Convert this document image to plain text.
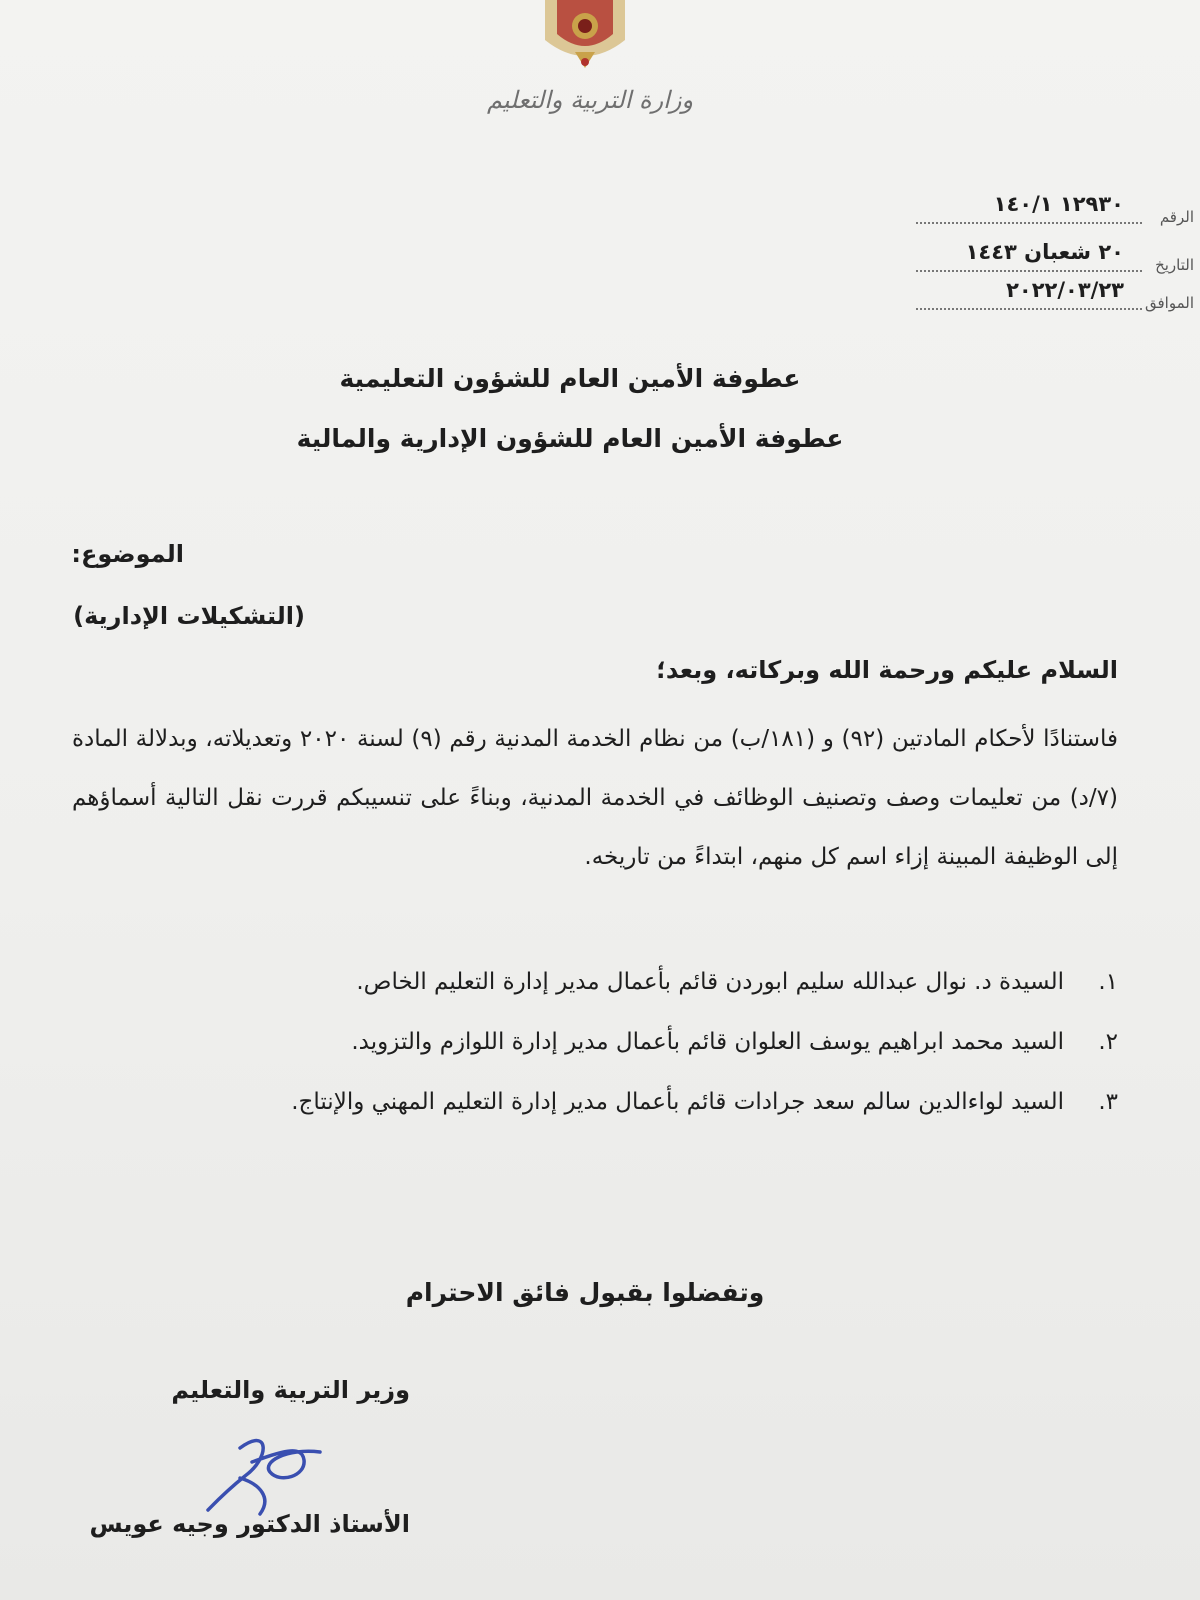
وزارة التربية والتعليم
الرقم
١٢٩٣٠ ١٤٠/١
التاريخ
٢٠ شعبان ١٤٤٣
الموافق
٢٠٢٢/٠٣/٢٣
عطوفة الأمين العام للشؤون التعليمية
عطوفة الأمين العام للشؤون الإدارية والمالية
الموضوع:
(التشكيلات الإدارية)
السلام عليكم ورحمة الله وبركاته، وبعد؛
فاستنادًا لأحكام المادتين (٩٢) و (١٨١/ب) من نظام الخدمة المدنية رقم (٩) لسنة ٢٠٢٠ وتعديلاته، وبدلالة المادة (٧/د) من تعليمات وصف وتصنيف الوظائف في الخدمة المدنية، وبناءً على تنسيبكم قررت نقل التالية أسماؤهم إلى الوظيفة المبينة إزاء اسم كل منهم، ابتداءً من تاريخه.
١.
السيدة د. نوال عبدالله سليم ابوردن قائم بأعمال مدير إدارة التعليم الخاص.
٢.
السيد محمد ابراهيم يوسف العلوان قائم بأعمال مدير إدارة اللوازم والتزويد.
٣.
السيد لواءالدين سالم سعد جرادات قائم بأعمال مدير إدارة التعليم المهني والإنتاج.
وتفضلوا بقبول فائق الاحترام
وزير التربية والتعليم
الأستاذ الدكتور وجيه عويس
